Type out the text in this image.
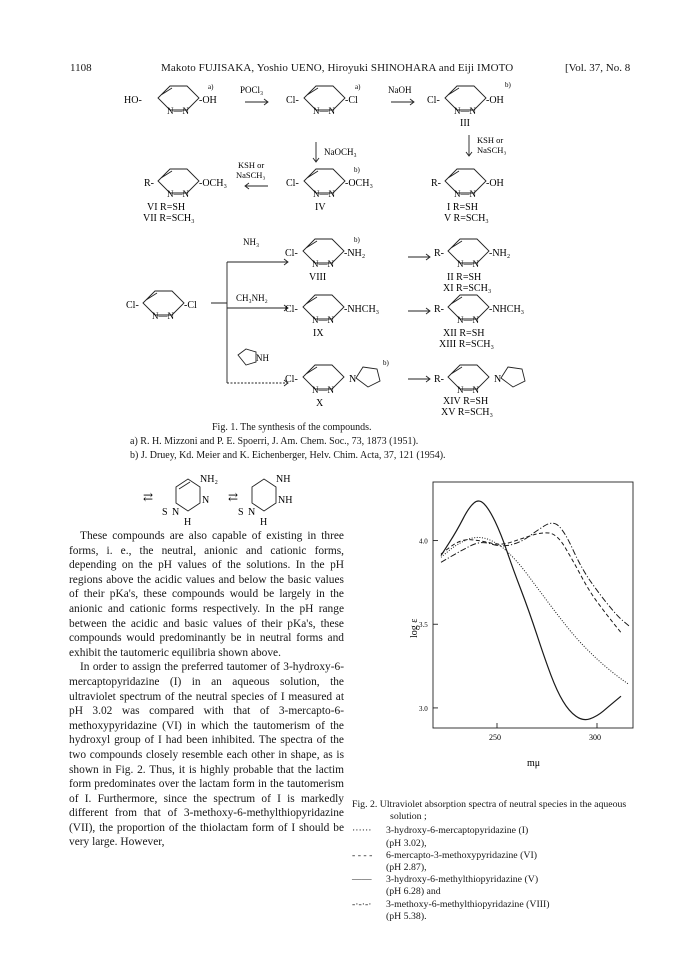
1108	Makoto FUJISAKA, Yoshio UENO, Hiroyuki SHINOHARA and Eiji IMOTO	[Vol. 37, No. 8
HO-	-OH
N—N
a)	POCl₃
Cl-	-Cl
N—N
a)	NaOH
Cl-	-OH
N—N
b)
III
NaOCH₃
KSH or
NaSCH₃
KSH or
NaSCH₃
R-	-OCH₃
N—N
VI R=SH
VII R=SCH₃
Cl-	-OCH₃
b)
N—N
IV
R-	-OH
N—N
I R=SH
V R=SCH₃
NH₃
Cl-	-NH₂
b)
N—N
VIII
R-	-NH₂
N—N
II R=SH
XI R=SCH₃
Cl-	-Cl
N—N
CH₃NH₂
Cl-	-NHCH₃
N—N
IX
R-	-NHCH₃
N—N
XII R=SH
XIII R=SCH₃
NH
Cl-	N
b)
N—N
X
R-	N
N—N
XIV R=SH
XV R=SCH₃
Fig. 1. The synthesis of the compounds.
a) R. H. Mizzoni and P. E. Spoerri, J. Am. Chem. Soc., 73, 1873 (1951).
b) J. Druey, Kd. Meier and K. Eichenberger, Helv. Chim. Acta, 37, 121 (1954).
⇄	⇄
NH₂
N
S N
H
NH
NH
S N
H

These compounds are also capable of existing in three forms, i. e., the neutral, anionic and cationic forms, depending on the pH values of the solutions. In the pH regions above the acidic values and below the basic values of their pKa's, these compounds would be largely in the anionic and cationic forms respectively. In the pH range between the acidic and basic values of their pKa's, these compounds would predominantly be in neutral forms and exhibit the tautomeric equilibria shown above.

In order to assign the preferred tautomer of 3-hydroxy-6-mercaptopyridazine (I) in an aqueous solution, the ultraviolet spectrum of the neutral species of I measured at pH 3.02 was compared with that of 3-mercapto-6-methoxypyridazine (VI) in which the tautomerism of the hydroxyl group of I had been inhibited. The spectra of the two compounds closely resemble each other in shape, as is shown in Fig. 2. Thus, it is highly probable that the lactim form predominates over the lactam form in the tautomerism of I. Furthermore, since the spectrum of I is markedly different from that of 3-methoxy-6-methylthiopyridazine (VII), the proportion of the thiolactam form of I should be very large. However,

250	300
3.0
3.5
4.0
log ε
mμ
Fig. 2. Ultraviolet absorption spectra of neutral species in the aqueous solution ;
······	3-hydroxy-6-mercaptopyridazine (I)
(pH 3.02),
- - - -	6-mercapto-3-methoxypyridazine (VI)
(pH 2.87),
——	3-hydroxy-6-methylthiopyridazine (V)
(pH 6.28) and
-·-·-·	3-methoxy-6-methylthiopyridazine (VIII)
(pH 5.38).
